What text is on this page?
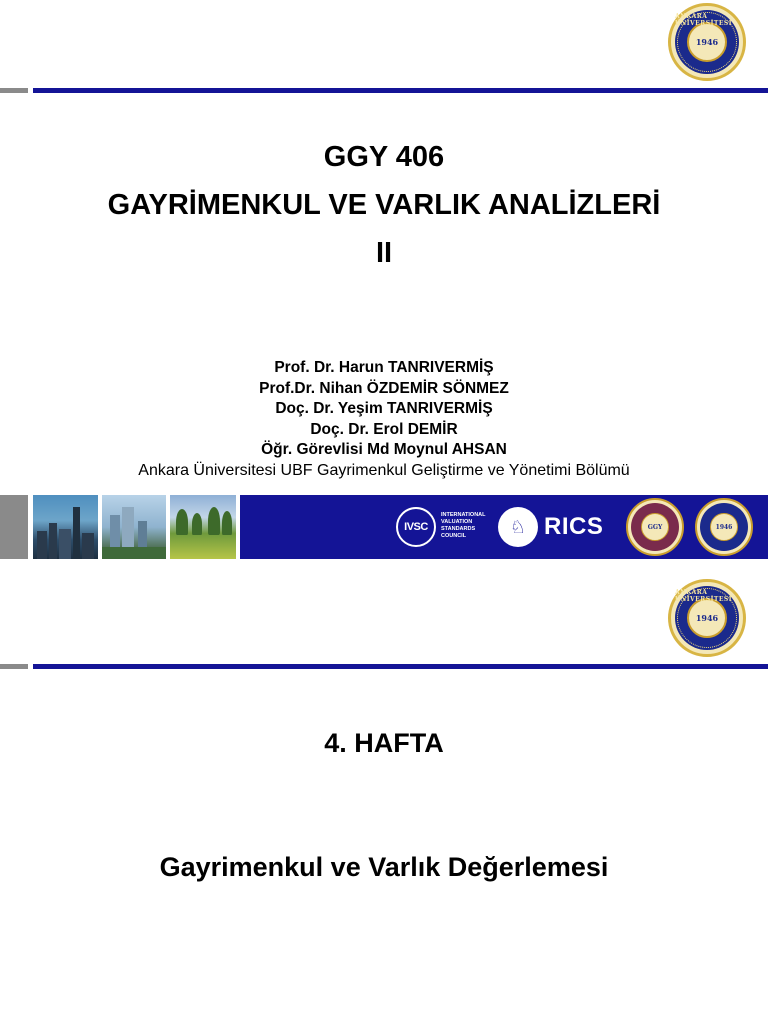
ANKARA ÜNİVERSİTESİ
1946
GGY 406
GAYRİMENKUL VE VARLIK ANALİZLERİ
II
Prof. Dr. Harun TANRIVERMİŞ
Prof.Dr. Nihan ÖZDEMİR SÖNMEZ
Doç. Dr. Yeşim TANRIVERMİŞ
Doç. Dr. Erol DEMİR
Öğr. Görevlisi Md Moynul AHSAN
Ankara Üniversitesi UBF Gayrimenkul Geliştirme ve Yönetimi Bölümü
IVSC
INTERNATIONAL
VALUATION
STANDARDS
COUNCIL	♘ RICS	GGY	1946
ANKARA ÜNİVERSİTESİ
1946
4. HAFTA
Gayrimenkul ve Varlık Değerlemesi
